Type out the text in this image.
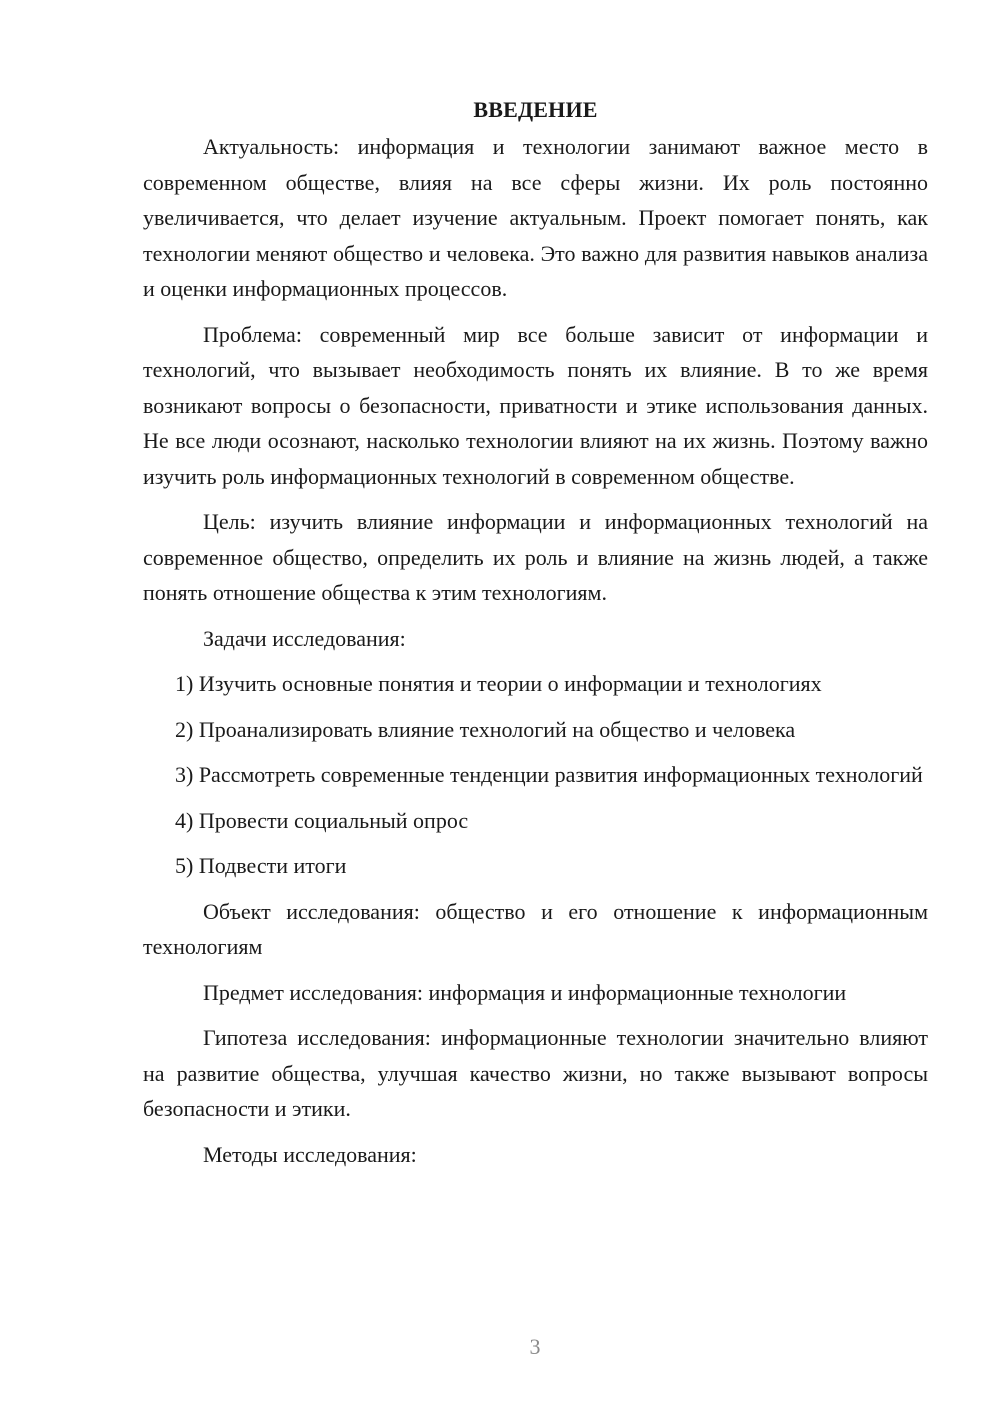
ВВЕДЕНИЕ

Актуальность: информация и технологии занимают важное место в современном обществе, влияя на все сферы жизни. Их роль постоянно увеличивается, что делает изучение актуальным. Проект помогает понять, как технологии меняют общество и человека. Это важно для развития навыков анализа и оценки информационных процессов.

Проблема: современный мир все больше зависит от информации и технологий, что вызывает необходимость понять их влияние. В то же время возникают вопросы о безопасности, приватности и этике использования данных. Не все люди осознают, насколько технологии влияют на их жизнь. Поэтому важно изучить роль информационных технологий в современном обществе.

Цель: изучить влияние информации и информационных технологий на современное общество, определить их роль и влияние на жизнь людей, а также понять отношение общества к этим технологиям.

Задачи исследования:

1) Изучить основные понятия и теории о информации и технологиях

2) Проанализировать влияние технологий на общество и человека

3) Рассмотреть современные тенденции развития информационных технологий

4) Провести социальный опрос

5) Подвести итоги

Объект исследования: общество и его отношение к информационным технологиям

Предмет исследования: информация и информационные технологии

Гипотеза исследования: информационные технологии значительно влияют на развитие общества, улучшая качество жизни, но также вызывают вопросы безопасности и этики.

Методы исследования:

3
